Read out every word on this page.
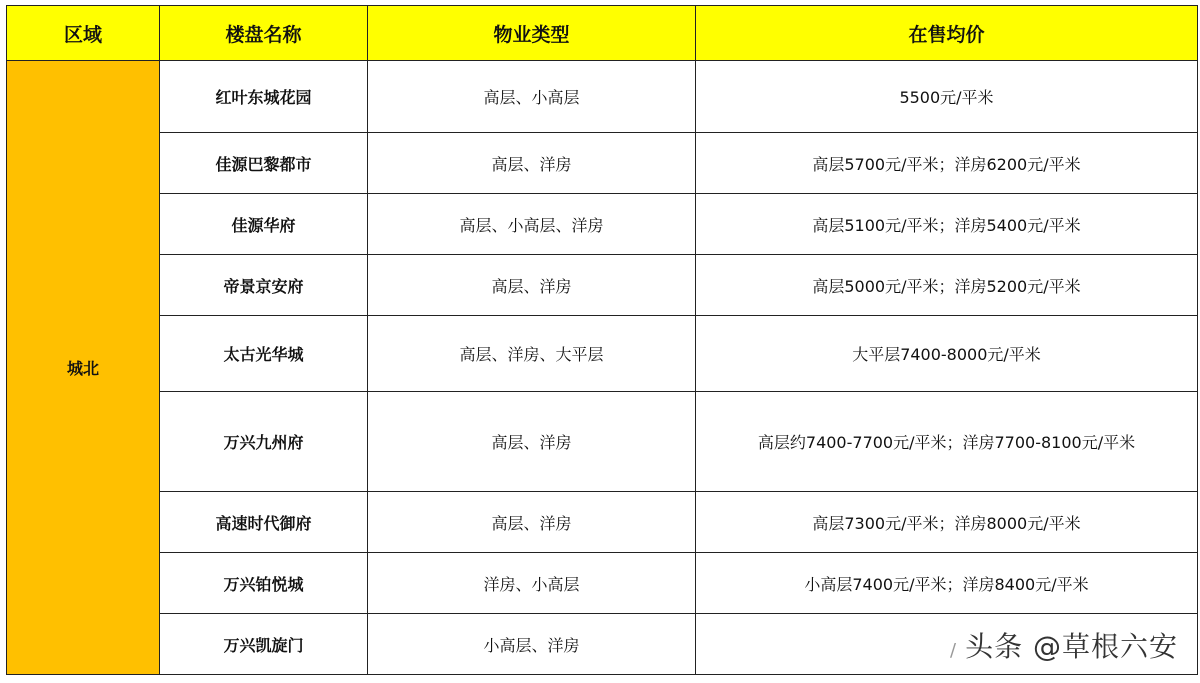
区域	楼盘名称	物业类型	在售均价
城北	红叶东城花园	高层、小高层	5500元/平米
	佳源巴黎都市	高层、洋房	高层5700元/平米；洋房6200元/平米
	佳源华府	高层、小高层、洋房	高层5100元/平米；洋房5400元/平米
	帝景京安府	高层、洋房	高层5000元/平米；洋房5200元/平米
	太古光华城	高层、洋房、大平层	大平层7400-8000元/平米
	万兴九州府	高层、洋房	高层约7400-7700元/平米；洋房7700-8100元/平米
	高速时代御府	高层、洋房	高层7300元/平米；洋房8000元/平米
	万兴铂悦城	洋房、小高层	小高层7400元/平米；洋房8400元/平米
	万兴凯旋门	小高层、洋房		/ 头条 @草根六安
